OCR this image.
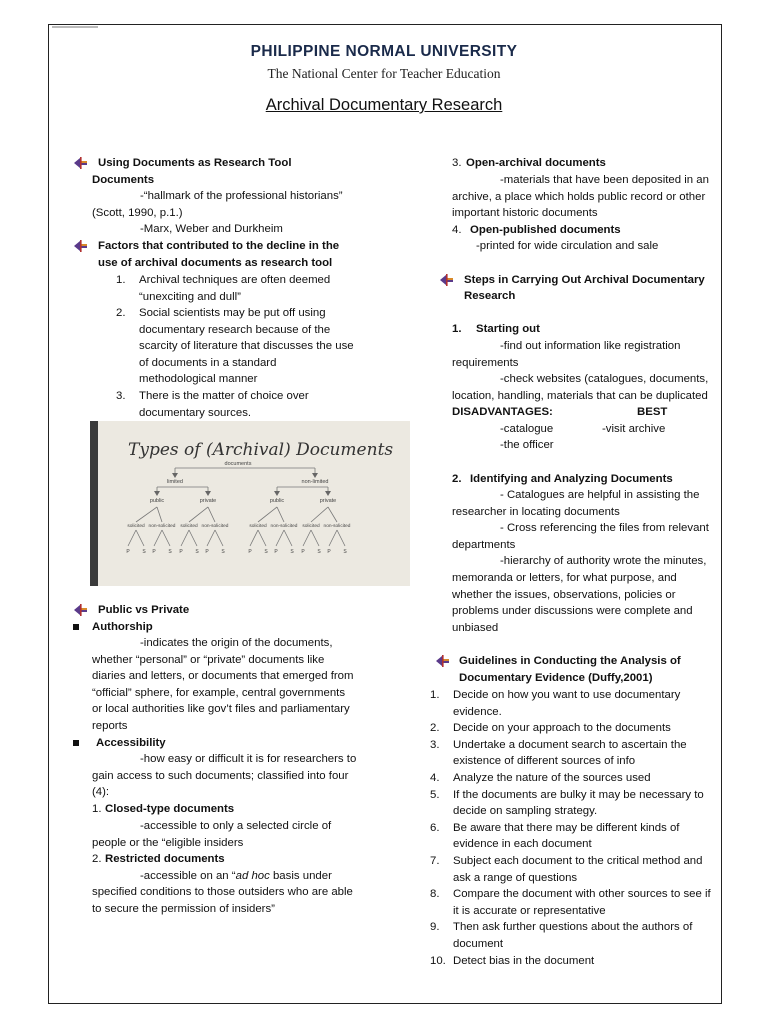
PHILIPPINE NORMAL UNIVERSITY
The National Center for Teacher Education
Archival Documentary Research
Using Documents as Research Tool
Documents
-“hallmark of the professional historians”
(Scott, 1990, p.1.)
-Marx, Weber and Durkheim
Factors that contributed to the decline in the
use of archival documents as research tool
1. Archival techniques are often deemed
“unexciting and dull”
2. Social scientists may be put off using
documentary research because of the
scarcity of literature that discusses the use
of documents in a standard
methodological manner
3. There is the matter of choice over
documentary sources.
Types of (Archival) Documents
documents
limited	non-limited
public	private	public	private
solicited
P	S
non-solicited
P	S
solicited
P	S
non-solicited
P	S
solicited
P	S
non-solicited
P	S
solicited
P	S
non-solicited
P	S
Public vs Private
Authorship
-indicates the origin of the documents,
whether “personal” or “private” documents like
diaries and letters, or documents that emerged from
“official” sphere, for example, central governments
or local authorities like gov’t files and parliamentary
reports
Accessibility
-how easy or difficult it is for researchers to
gain access to such documents; classified into four
(4):
1. Closed-type documents
-accessible to only a selected circle of
people or the “eligible insiders
2. Restricted documents
-accessible on an “ad hoc basis under
specified conditions to those outsiders who are able
to secure the permission of insiders”
3. Open-archival documents
-materials that have been deposited in an
archive, a place which holds public record or other
important historic documents
4. Open-published documents
-printed for wide circulation and sale
Steps in Carrying Out Archival Documentary
Research
1. Starting out
-find out information like registration
requirements
-check websites (catalogues, documents,
location, handling, materials that can be duplicated
DISADVANTAGES:	BEST
-catalogue	-visit archive
-the officer
2. Identifying and Analyzing Documents
- Catalogues are helpful in assisting the
researcher in locating documents
- Cross referencing the files from relevant
departments
-hierarchy of authority wrote the minutes,
memoranda or letters, for what purpose, and
whether the issues, observations, policies or
problems under discussions were complete and
unbiased
Guidelines in Conducting the Analysis of
Documentary Evidence (Duffy,2001)
1. Decide on how you want to use documentary
evidence.
2. Decide on your approach to the documents
3. Undertake a document search to ascertain the
existence of different sources of info
4. Analyze the nature of the sources used
5. If the documents are bulky it may be necessary to
decide on sampling strategy.
6. Be aware that there may be different kinds of
evidence in each document
7. Subject each document to the critical method and
ask a range of questions
8. Compare the document with other sources to see if
it is accurate or representative
9. Then ask further questions about the authors of
document
10. Detect bias in the document
